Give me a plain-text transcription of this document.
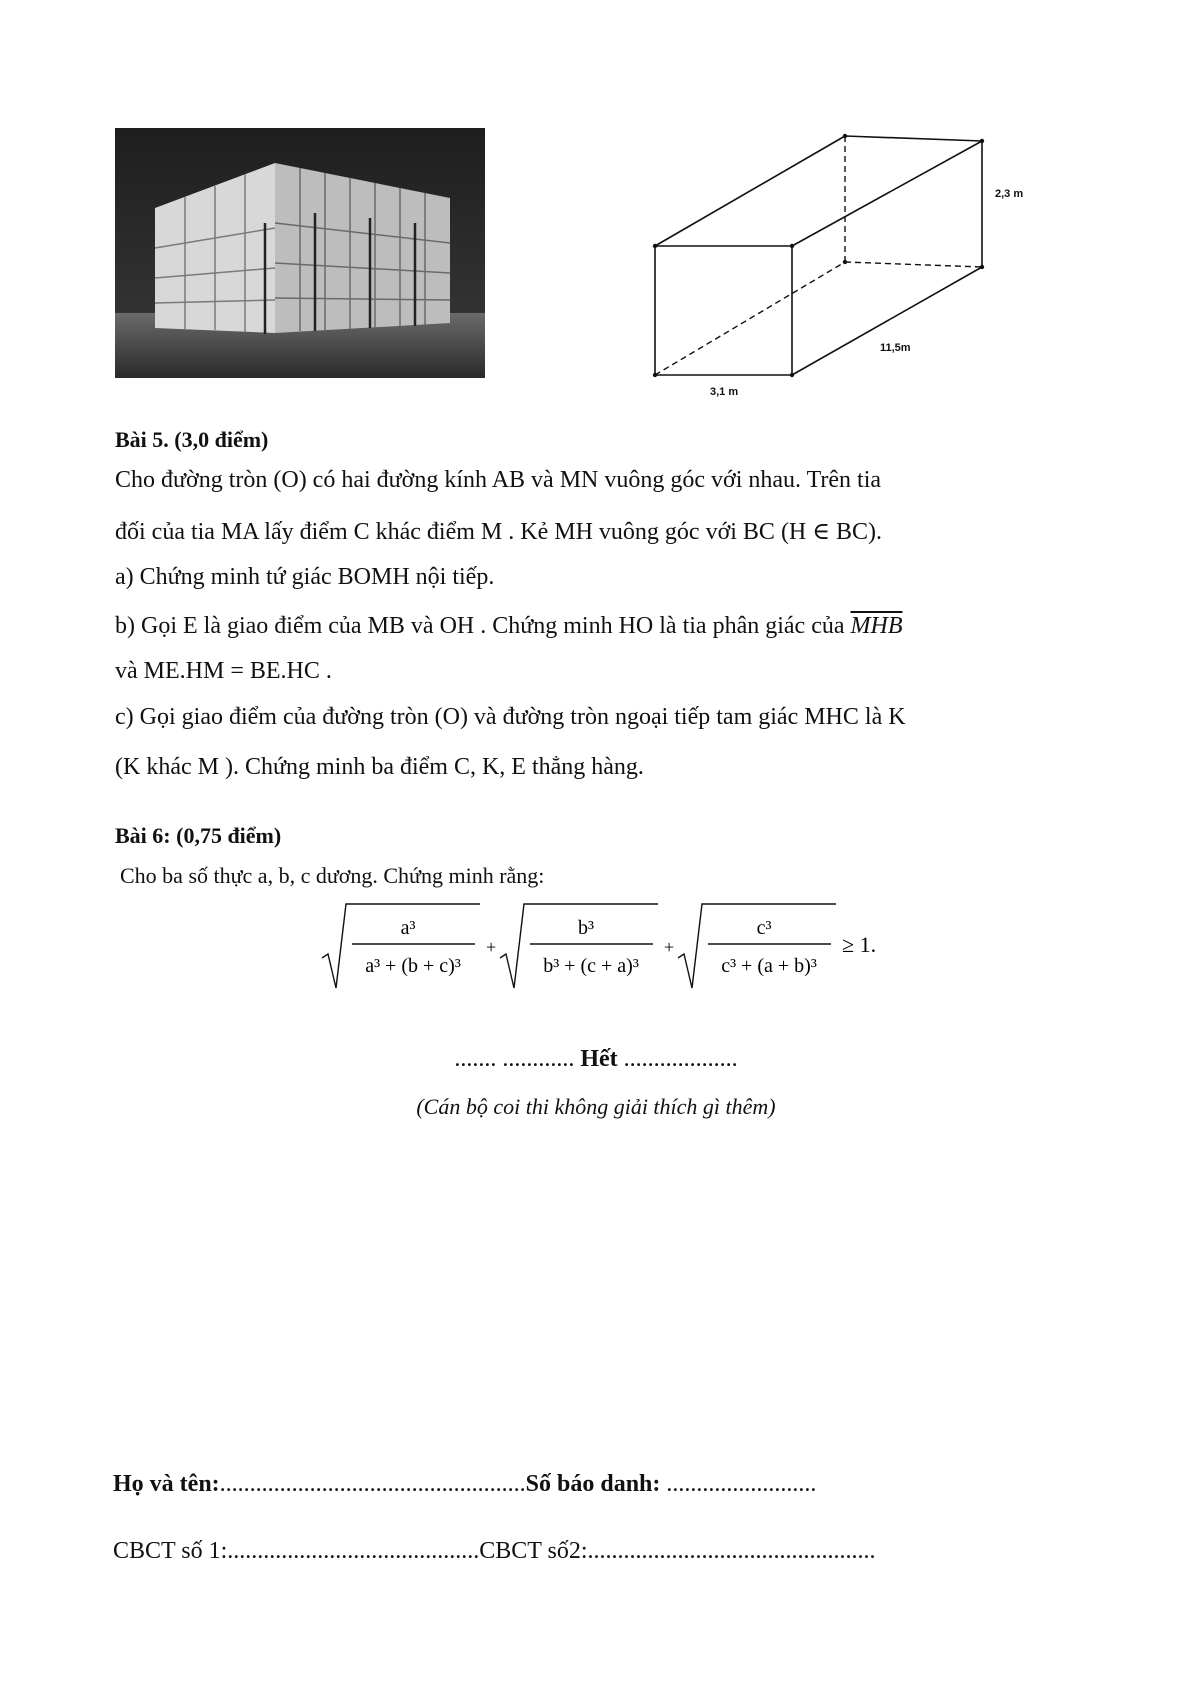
2,3 m
11,5m
3,1 m
Bài 5. (3,0 điểm)
Cho đường tròn (O) có hai đường kính AB và MN vuông góc với nhau. Trên tia
đối của tia MA lấy điểm C khác điểm M . Kẻ MH vuông góc với BC (H ∈ BC).
a) Chứng minh tứ giác BOMH nội tiếp.
b) Gọi E là giao điểm của MB và OH . Chứng minh HO là tia phân giác của $\overline{MHB}$
và ME.HM = BE.HC .
c) Gọi giao điểm của đường tròn (O) và đường tròn ngoại tiếp tam giác MHC là K
(K khác M ). Chứng minh ba điểm C, K, E thẳng hàng.
Bài 6: (0,75 điểm)
Cho ba số thực a, b, c dương. Chứng minh rằng:
a³
a³ + (b + c)³
+
b³
b³ + (c + a)³
+
c³
c³ + (a + b)³
≥ 1.
....... ............ Hết ...................
(Cán bộ coi thi không giải thích gì thêm)
Họ và tên:...................................................Số báo danh: .........................
CBCT số 1:..........................................CBCT số2:................................................
